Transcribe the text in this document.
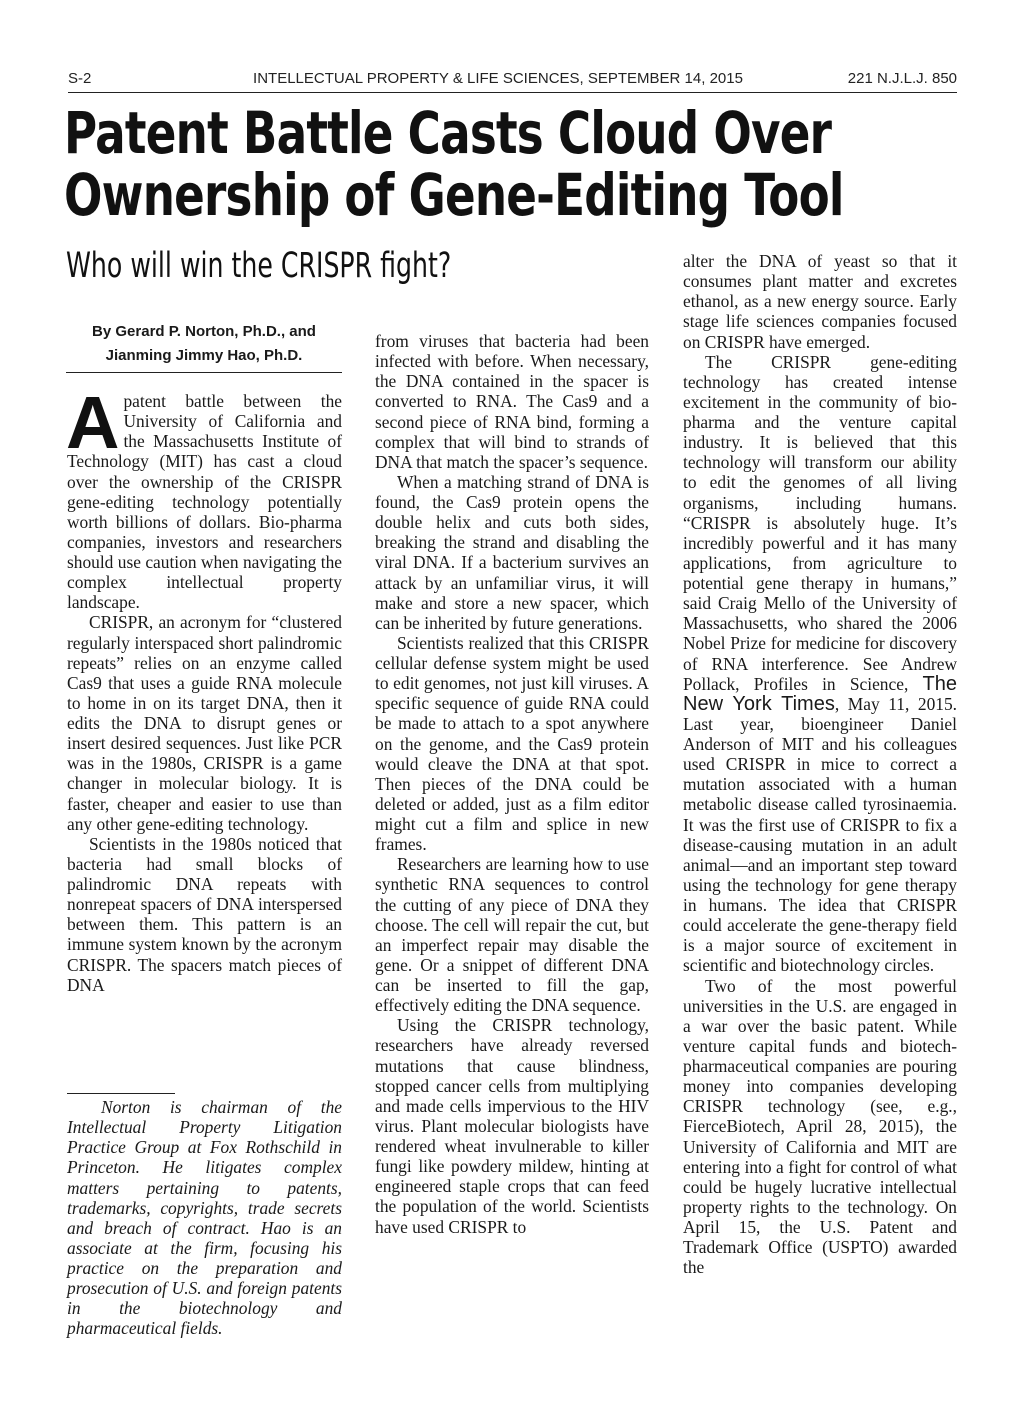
S-2	INTELLECTUAL PROPERTY & LIFE SCIENCES, SEPTEMBER 14, 2015	221 N.J.L.J. 850
Patent Battle Casts Cloud Over
Ownership of Gene-Editing Tool
Who will win the CRISPR fight?
By Gerard P. Norton, Ph.D., and
Jianming Jimmy Hao, Ph.D.

A patent battle between the University of California and the Massachusetts Institute of Technology (MIT) has cast a cloud over the ownership of the CRISPR gene-editing technology potentially worth billions of dollars. Bio-pharma companies, investors and researchers should use caution when navigating the complex intellectual property landscape.

CRISPR, an acronym for “clustered regularly interspaced short palindromic repeats” relies on an enzyme called Cas9 that uses a guide RNA molecule to home in on its target DNA, then it edits the DNA to disrupt genes or insert desired sequences. Just like PCR was in the 1980s, CRISPR is a game changer in molecular biology. It is faster, cheaper and easier to use than any other gene-editing technology.

Scientists in the 1980s noticed that bacteria had small blocks of palindromic DNA repeats with nonrepeat spacers of DNA interspersed between them. This pattern is an immune system known by the acronym CRISPR. The spacers match pieces of DNA

from viruses that bacteria had been infected with before. When necessary, the DNA contained in the spacer is converted to RNA. The Cas9 and a second piece of RNA bind, forming a complex that will bind to strands of DNA that match the spacer’s sequence.

When a matching strand of DNA is found, the Cas9 protein opens the double helix and cuts both sides, breaking the strand and disabling the viral DNA. If a bacterium survives an attack by an unfamiliar virus, it will make and store a new spacer, which can be inherited by future generations.

Scientists realized that this CRISPR cellular defense system might be used to edit genomes, not just kill viruses. A specific sequence of guide RNA could be made to attach to a spot anywhere on the genome, and the Cas9 protein would cleave the DNA at that spot. Then pieces of the DNA could be deleted or added, just as a film editor might cut a film and splice in new frames.

Researchers are learning how to use synthetic RNA sequences to control the cutting of any piece of DNA they choose. The cell will repair the cut, but an imperfect repair may disable the gene. Or a snippet of different DNA can be inserted to fill the gap, effectively editing the DNA sequence.

Using the CRISPR technology, researchers have already reversed mutations that cause blindness, stopped cancer cells from multiplying and made cells impervious to the HIV virus. Plant molecular biologists have rendered wheat invulnerable to killer fungi like powdery mildew, hinting at engineered staple crops that can feed the population of the world. Scientists have used CRISPR to

alter the DNA of yeast so that it consumes plant matter and excretes ethanol, as a new energy source. Early stage life sciences companies focused on CRISPR have emerged.

The CRISPR gene-editing technology has created intense excitement in the community of bio-pharma and the venture capital industry. It is believed that this technology will transform our ability to edit the genomes of all living organisms, including humans. “CRISPR is absolutely huge. It’s incredibly powerful and it has many applications, from agriculture to potential gene therapy in humans,” said Craig Mello of the University of Massachusetts, who shared the 2006 Nobel Prize for medicine for discovery of RNA interference. See Andrew Pollack, Profiles in Science, The New York Times, May 11, 2015. Last year, bioengineer Daniel Anderson of MIT and his colleagues used CRISPR in mice to correct a mutation associated with a human metabolic disease called tyrosinaemia. It was the first use of CRISPR to fix a disease-causing mutation in an adult animal—and an important step toward using the technology for gene therapy in humans. The idea that CRISPR could accelerate the gene-therapy field is a major source of excitement in scientific and biotechnology circles.

Two of the most powerful universities in the U.S. are engaged in a war over the basic patent. While venture capital funds and biotech-pharmaceutical companies are pouring money into companies developing CRISPR technology (see, e.g., FierceBiotech, April 28, 2015), the University of California and MIT are entering into a fight for control of what could be hugely lucrative intellectual property rights to the technology. On April 15, the U.S. Patent and Trademark Office (USPTO) awarded the

Norton is chairman of the Intellectual Property Litigation Practice Group at Fox Rothschild in Princeton. He litigates complex matters pertaining to patents, trademarks, copyrights, trade secrets and breach of contract. Hao is an associate at the firm, focusing his practice on the preparation and prosecution of U.S. and foreign patents in the biotechnology and pharmaceutical fields.
